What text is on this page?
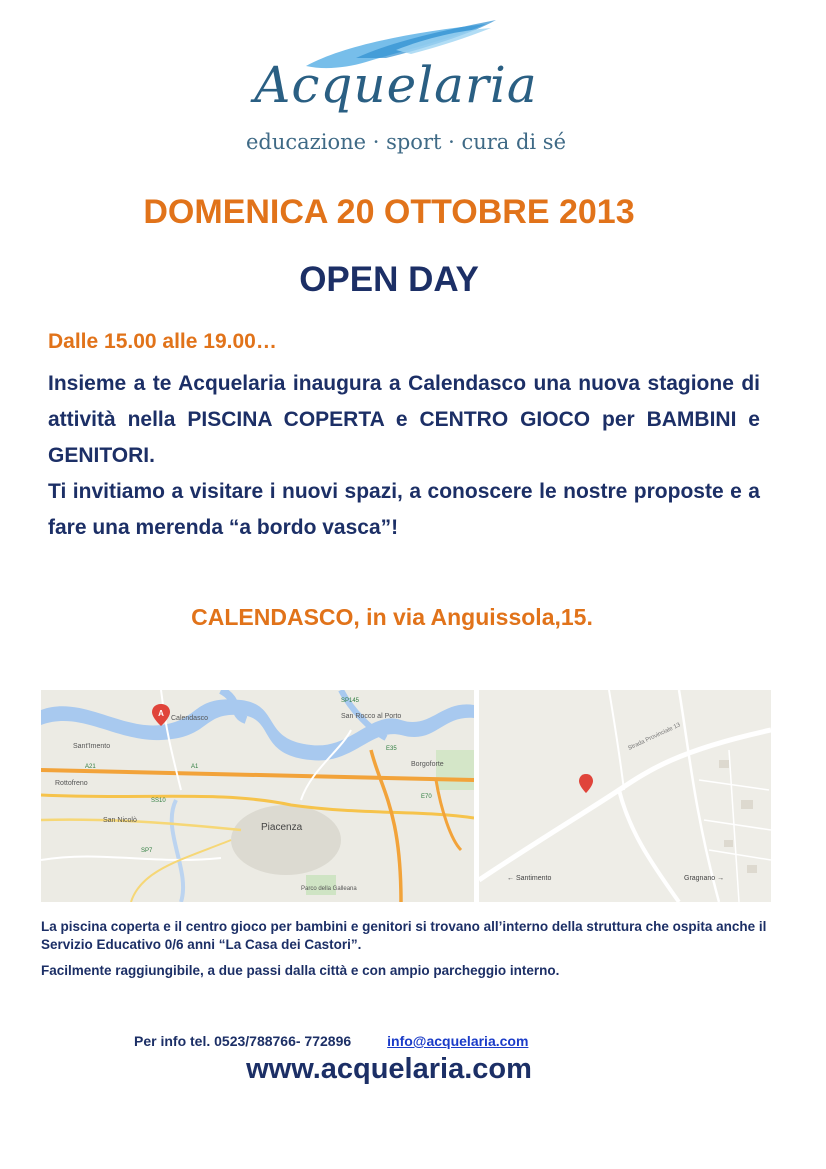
Acquelaria
educazione · sport · cura di sé
DOMENICA 20 OTTOBRE 2013
OPEN DAY
Dalle 15.00 alle 19.00…

Insieme a te Acquelaria inaugura a Calendasco una nuova stagione di attività nella PISCINA COPERTA e CENTRO GIOCO per BAMBINI e GENITORI.

Ti invitiamo a visitare i nuovi spazi, a conoscere le nostre proposte e a fare una merenda “a bordo vasca”!

CALENDASCO, in via Anguissola,15.
A
Calendasco
Sant'Imento
Piacenza
San Nicolò
Rottofreno
San Rocco al Porto
Borgoforte
Parco della Galleana
A21	A1
SS10
SP7
SP145
E35
E70
← Santimento	Gragnano →
Strada Provinciale 13

La piscina coperta e il centro gioco per bambini e genitori si trovano all’interno della struttura che ospita anche il Servizio Educativo 0/6 anni “La Casa dei Castori”.

Facilmente raggiungibile, a due passi dalla città e con ampio parcheggio interno.

Per info tel. 0523/788766- 772896	info@acquelaria.com
www.acquelaria.com
